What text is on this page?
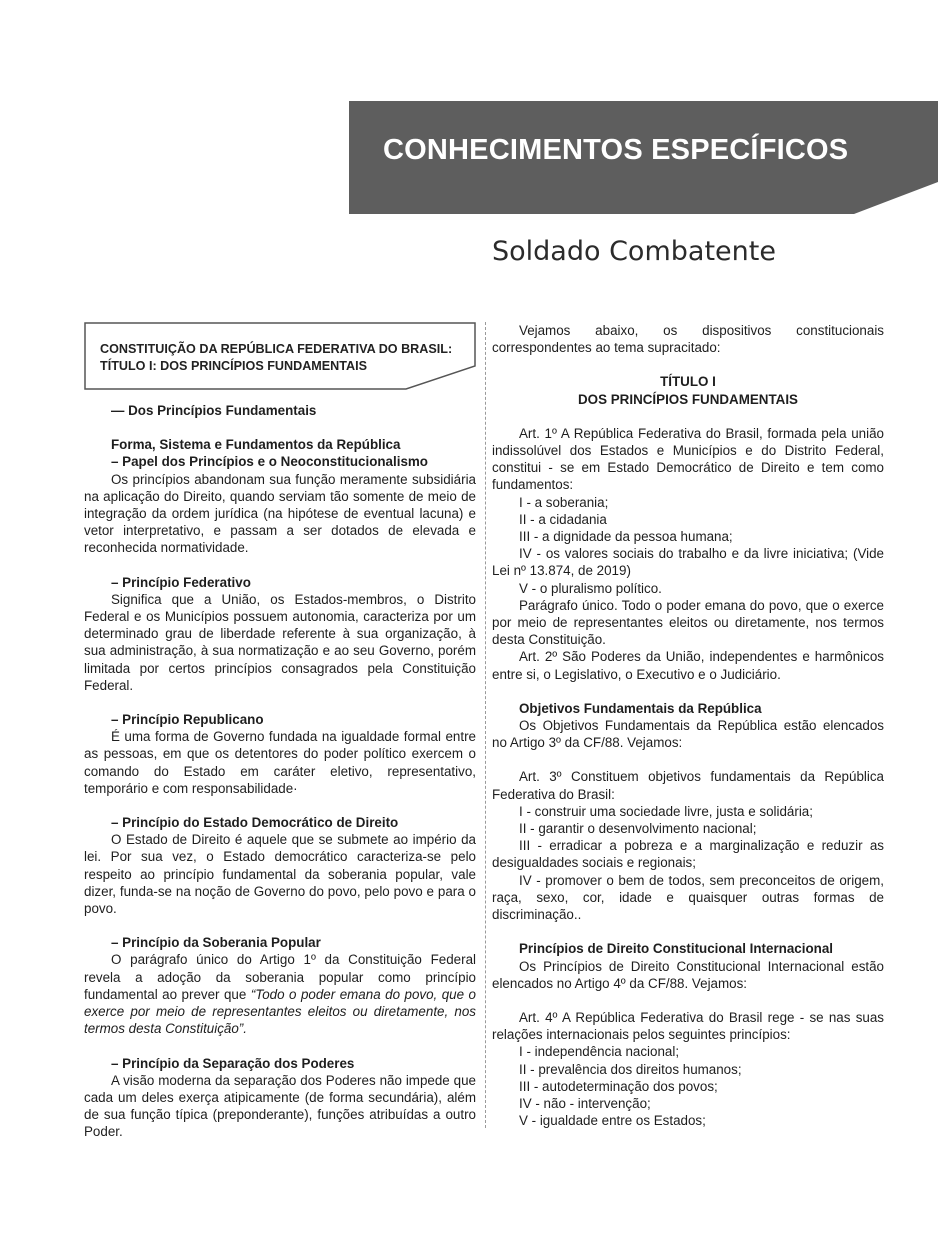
CONHECIMENTOS ESPECÍFICOS
Soldado Combatente
CONSTITUIÇÃO DA REPÚBLICA FEDERATIVA DO BRASIL:
TÍTULO I: DOS PRINCÍPIOS FUNDAMENTAIS

— Dos Princípios Fundamentais

Forma, Sistema e Fundamentos da República

– Papel dos Princípios e o Neoconstitucionalismo

Os princípios abandonam sua função meramente subsidiária na aplicação do Direito, quando serviam tão somente de meio de integração da ordem jurídica (na hipótese de eventual lacuna) e vetor interpretativo, e passam a ser dotados de elevada e reconhecida normatividade.

– Princípio Federativo

Significa que a União, os Estados-membros, o Distrito Federal e os Municípios possuem autonomia, caracteriza por um determinado grau de liberdade referente à sua organização, à sua administração, à sua normatização e ao seu Governo, porém limitada por certos princípios consagrados pela Constituição Federal.

– Princípio Republicano

É uma forma de Governo fundada na igualdade formal entre as pessoas, em que os detentores do poder político exercem o comando do Estado em caráter eletivo, representativo, temporário e com responsabilidade·

– Princípio do Estado Democrático de Direito

O Estado de Direito é aquele que se submete ao império da lei. Por sua vez, o Estado democrático caracteriza-se pelo respeito ao princípio fundamental da soberania popular, vale dizer, funda-se na noção de Governo do povo, pelo povo e para o povo.

– Princípio da Soberania Popular

O parágrafo único do Artigo 1º da Constituição Federal revela a adoção da soberania popular como princípio fundamental ao prever que “Todo o poder emana do povo, que o exerce por meio de representantes eleitos ou diretamente, nos termos desta Constituição”.

– Princípio da Separação dos Poderes

A visão moderna da separação dos Poderes não impede que cada um deles exerça atipicamente (de forma secundária), além de sua função típica (preponderante), funções atribuídas a outro Poder.

Vejamos abaixo, os dispositivos constitucionais correspondentes ao tema supracitado:

TÍTULO I

DOS PRINCÍPIOS FUNDAMENTAIS

Art. 1º A República Federativa do Brasil, formada pela união indissolúvel dos Estados e Municípios e do Distrito Federal, constitui - se em Estado Democrático de Direito e tem como fundamentos:

I - a soberania;

II - a cidadania

III - a dignidade da pessoa humana;

IV - os valores sociais do trabalho e da livre iniciativa; (Vide Lei nº 13.874, de 2019)

V - o pluralismo político.

Parágrafo único. Todo o poder emana do povo, que o exerce por meio de representantes eleitos ou diretamente, nos termos desta Constituição.

Art. 2º São Poderes da União, independentes e harmônicos entre si, o Legislativo, o Executivo e o Judiciário.

Objetivos Fundamentais da República

Os Objetivos Fundamentais da República estão elencados no Artigo 3º da CF/88. Vejamos:

Art. 3º Constituem objetivos fundamentais da República Federativa do Brasil:

I - construir uma sociedade livre, justa e solidária;

II - garantir o desenvolvimento nacional;

III - erradicar a pobreza e a marginalização e reduzir as desigualdades sociais e regionais;

IV - promover o bem de todos, sem preconceitos de origem, raça, sexo, cor, idade e quaisquer outras formas de discriminação..

Princípios de Direito Constitucional Internacional

Os Princípios de Direito Constitucional Internacional estão elencados no Artigo 4º da CF/88. Vejamos:

Art. 4º A República Federativa do Brasil rege - se nas suas relações internacionais pelos seguintes princípios:

I - independência nacional;

II - prevalência dos direitos humanos;

III - autodeterminação dos povos;

IV - não - intervenção;

V - igualdade entre os Estados;
